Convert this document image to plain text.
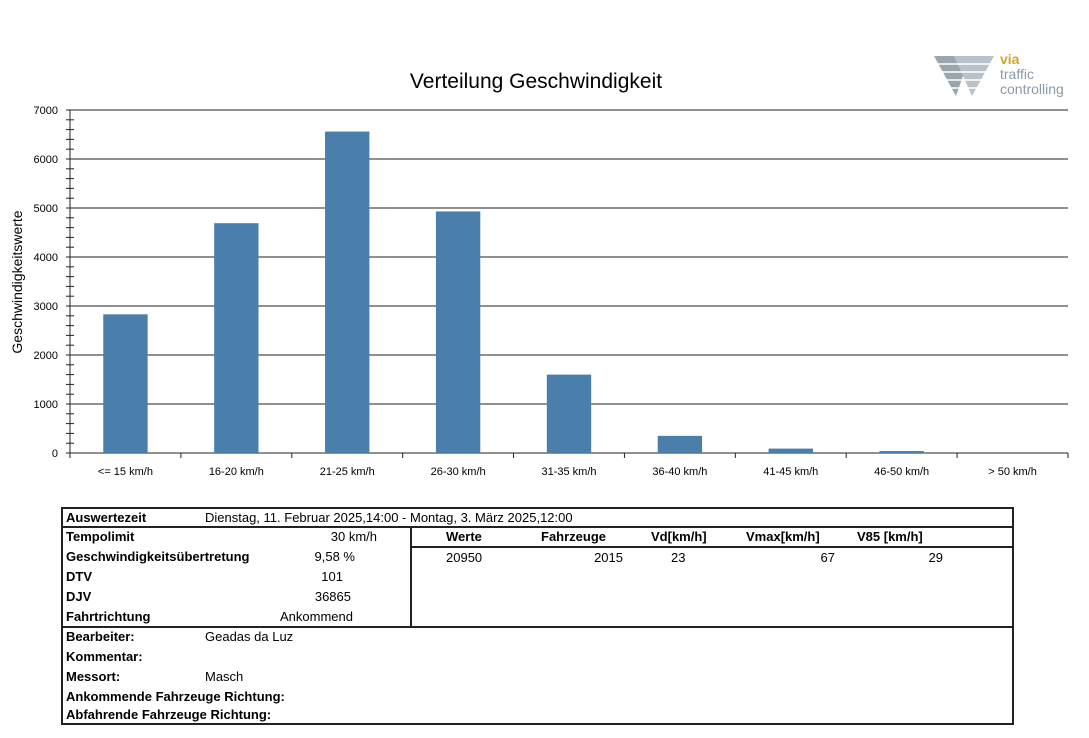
Verteilung Geschwindigkeit
Geschwindigkeitswerte
0
1000
2000
3000
4000
5000
6000
7000
<= 15 km/h	16-20 km/h	21-25 km/h	26-30 km/h	31-35 km/h	36-40 km/h	41-45 km/h	46-50 km/h	> 50 km/h
via
traffic
controlling
Auswertezeit	Dienstag, 11. Februar 2025,14:00 - Montag, 3. März 2025,12:00
Tempolimit	30 km/h
Geschwindigkeitsübertretung	9,58 %
DTV	101
DJV	36865
Fahrtrichtung	Ankommend
Werte	Fahrzeuge	Vd[km/h]	Vmax[km/h]	V85 [km/h]
20950	2015	23	67	29
Bearbeiter:	Geadas da Luz
Kommentar:
Messort:	Masch
Ankommende Fahrzeuge Richtung:
Abfahrende Fahrzeuge Richtung:
